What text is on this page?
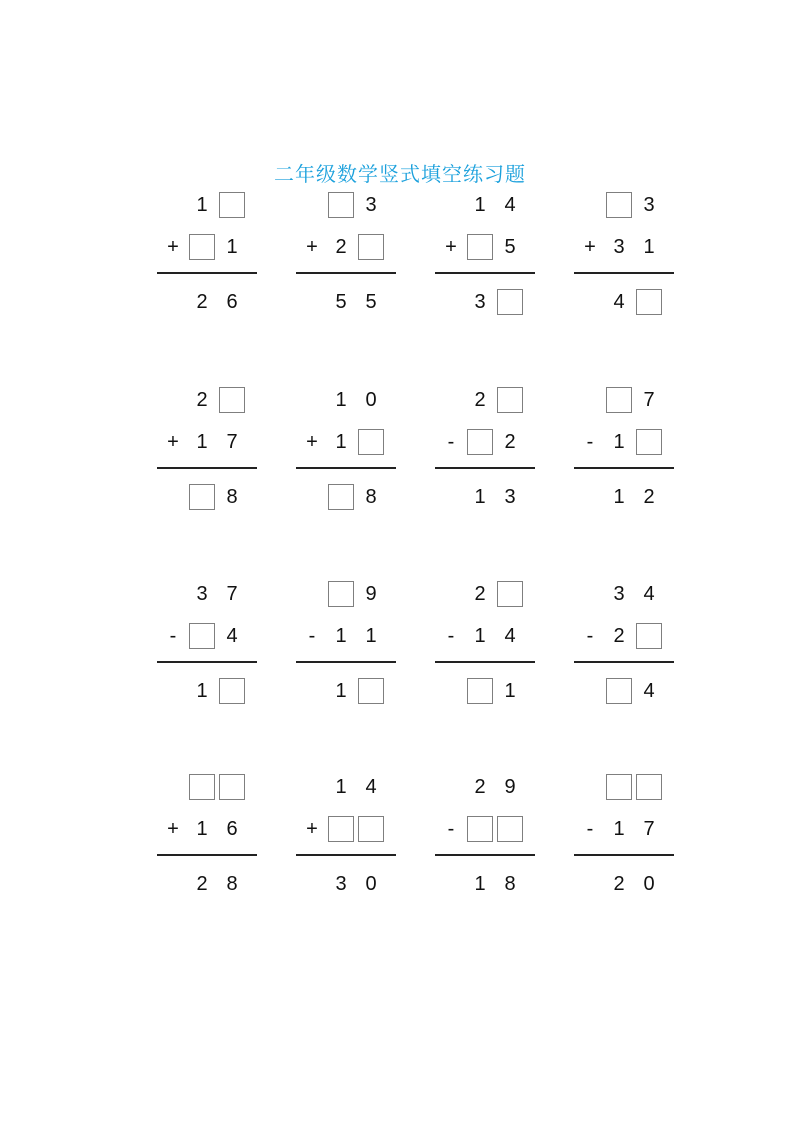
二年级数学竖式填空练习题
1
+	1
2 6
3
+ 2
5 5
1 4
+	5
3
3
+ 3 1
4
2
+ 1 7
8
1 0
+ 1
8
2
-	2
1 3
7
-	1
1 2
3 7
-	4
1
9
-	1 1
1
2
-	1 4
1
3 4
-	2
4
+ 1 6
2 8
1 4
+
3 0
2 9
-
1 8
-	1 7
2 0
